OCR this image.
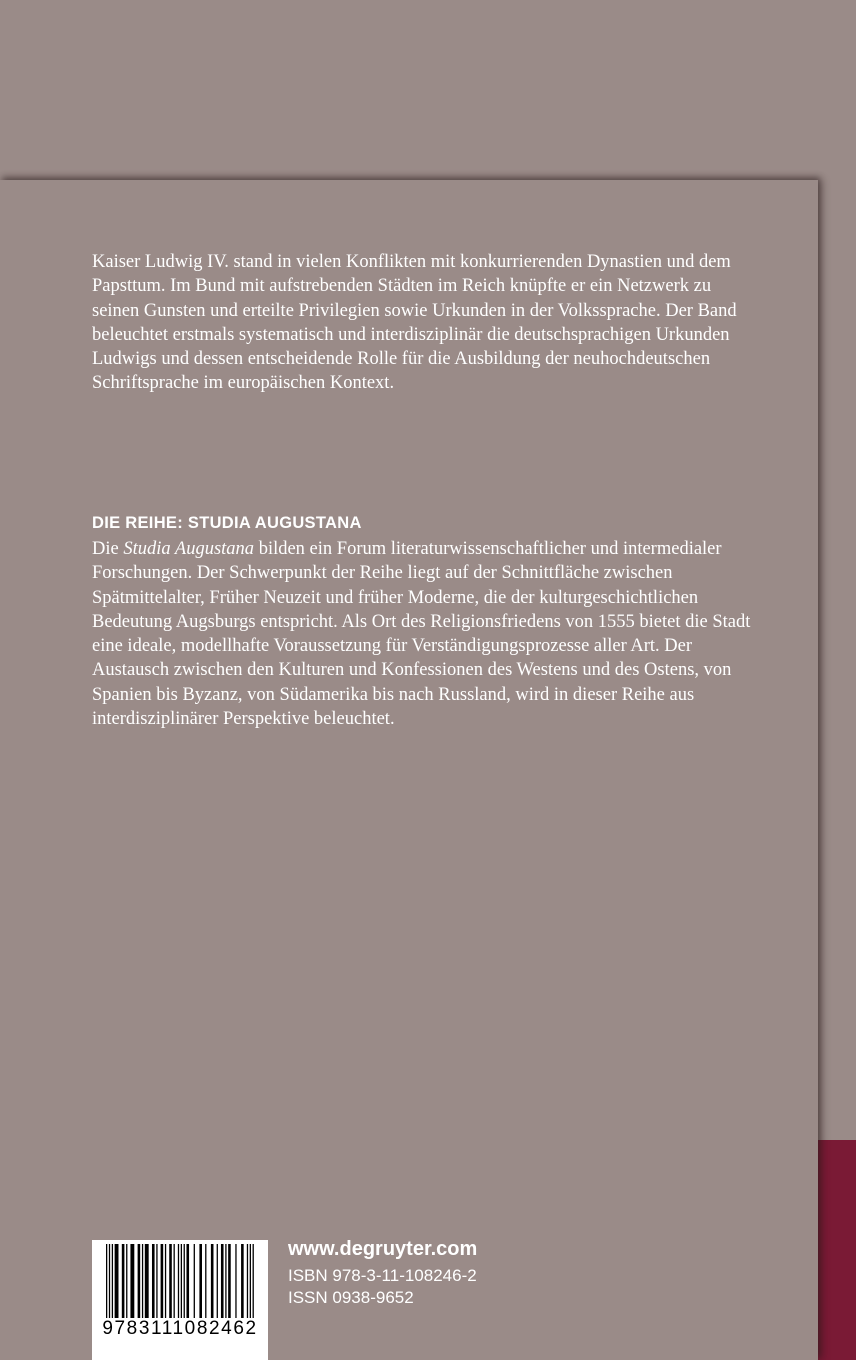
Kaiser Ludwig IV. stand in vielen Konflikten mit konkurrierenden Dynastien und dem Papsttum. Im Bund mit aufstrebenden Städten im Reich knüpfte er ein Netzwerk zu seinen Gunsten und erteilte Privilegien sowie Urkunden in der Volkssprache. Der Band beleuchtet erstmals systematisch und interdisziplinär die deutschsprachigen Urkunden Ludwigs und dessen entscheidende Rolle für die Ausbildung der neuhochdeutschen Schriftsprache im europäischen Kontext.

DIE REIHE: STUDIA AUGUSTANA

Die Studia Augustana bilden ein Forum literaturwissenschaftlicher und intermedialer Forschungen. Der Schwerpunkt der Reihe liegt auf der Schnittfläche zwischen Spätmittelalter, Früher Neuzeit und früher Moderne, die der kulturgeschichtlichen Bedeutung Augsburgs entspricht. Als Ort des Religionsfriedens von 1555 bietet die Stadt eine ideale, modellhafte Voraussetzung für Verständigungsprozesse aller Art. Der Austausch zwischen den Kulturen und Konfessionen des Westens und des Ostens, von Spanien bis Byzanz, von Südamerika bis nach Russland, wird in dieser Reihe aus interdisziplinärer Perspektive beleuchtet.

9783111082462
www.degruyter.com
ISBN 978-3-11-108246-2
ISSN 0938-9652
